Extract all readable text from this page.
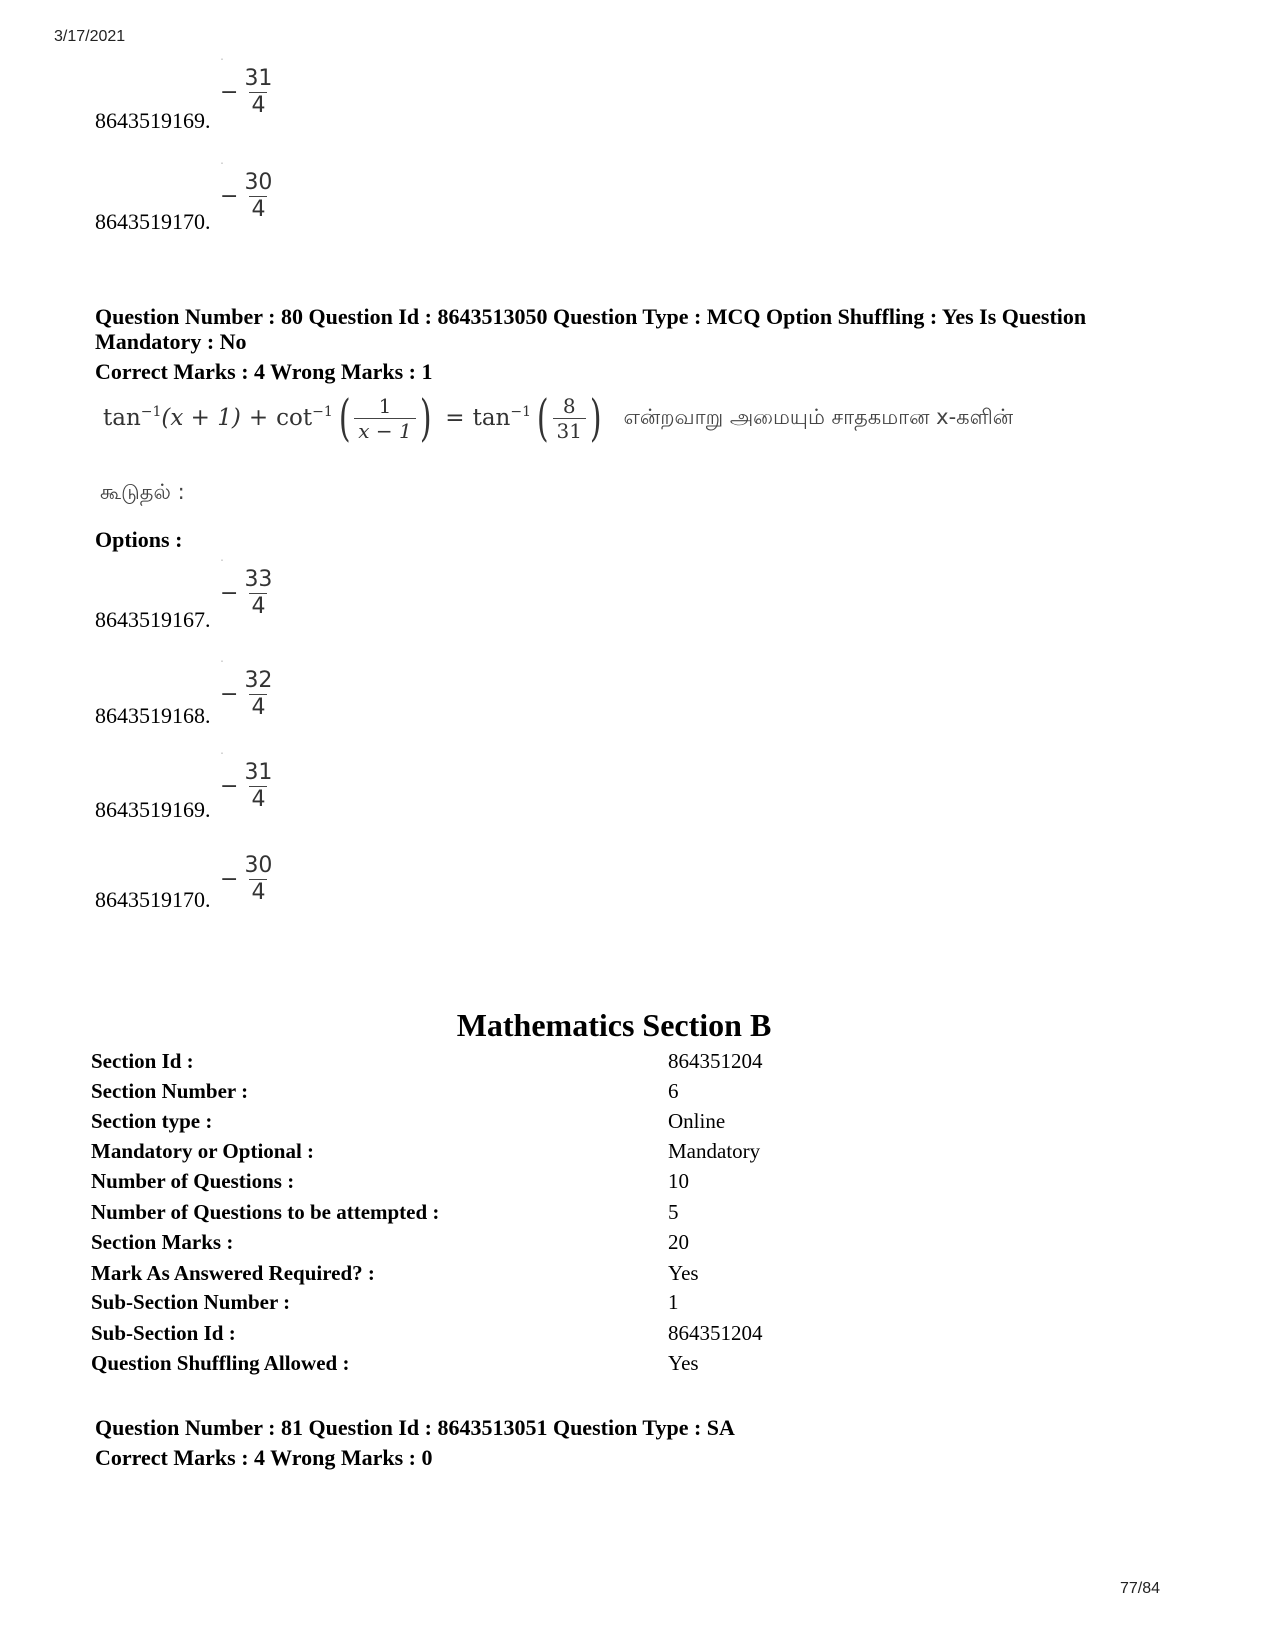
3/17/2021
8643519169.
˙
− $\frac{31}{4}$
8643519170.
˙
− $\frac{30}{4}$
Question Number : 80 Question Id : 8643513050 Question Type : MCQ Option Shuffling : Yes Is Question
Mandatory : No
Correct Marks : 4 Wrong Marks : 1
$\tan^{-1} (x + 1) + \cot^{-1}$ ( 1
x − 1 ) = $\tan^{-1}$ ( 8
31 ) என்றவாறு அமையும் சாதகமான x-களின்
கூடுதல் :
Options :
8643519167.
˙
− $\frac{33}{4}$
8643519168.
˙
− $\frac{32}{4}$
8643519169.
˙
− $\frac{31}{4}$
8643519170.
− $\frac{30}{4}$
Mathematics Section B
Section Id :	864351204
Section Number :	6
Section type :	Online
Mandatory or Optional :	Mandatory
Number of Questions :	10
Number of Questions to be attempted :	5
Section Marks :	20
Mark As Answered Required? :	Yes
Sub-Section Number :	1
Sub-Section Id :	864351204
Question Shuffling Allowed :	Yes
Question Number : 81 Question Id : 8643513051 Question Type : SA
Correct Marks : 4 Wrong Marks : 0
77/84
